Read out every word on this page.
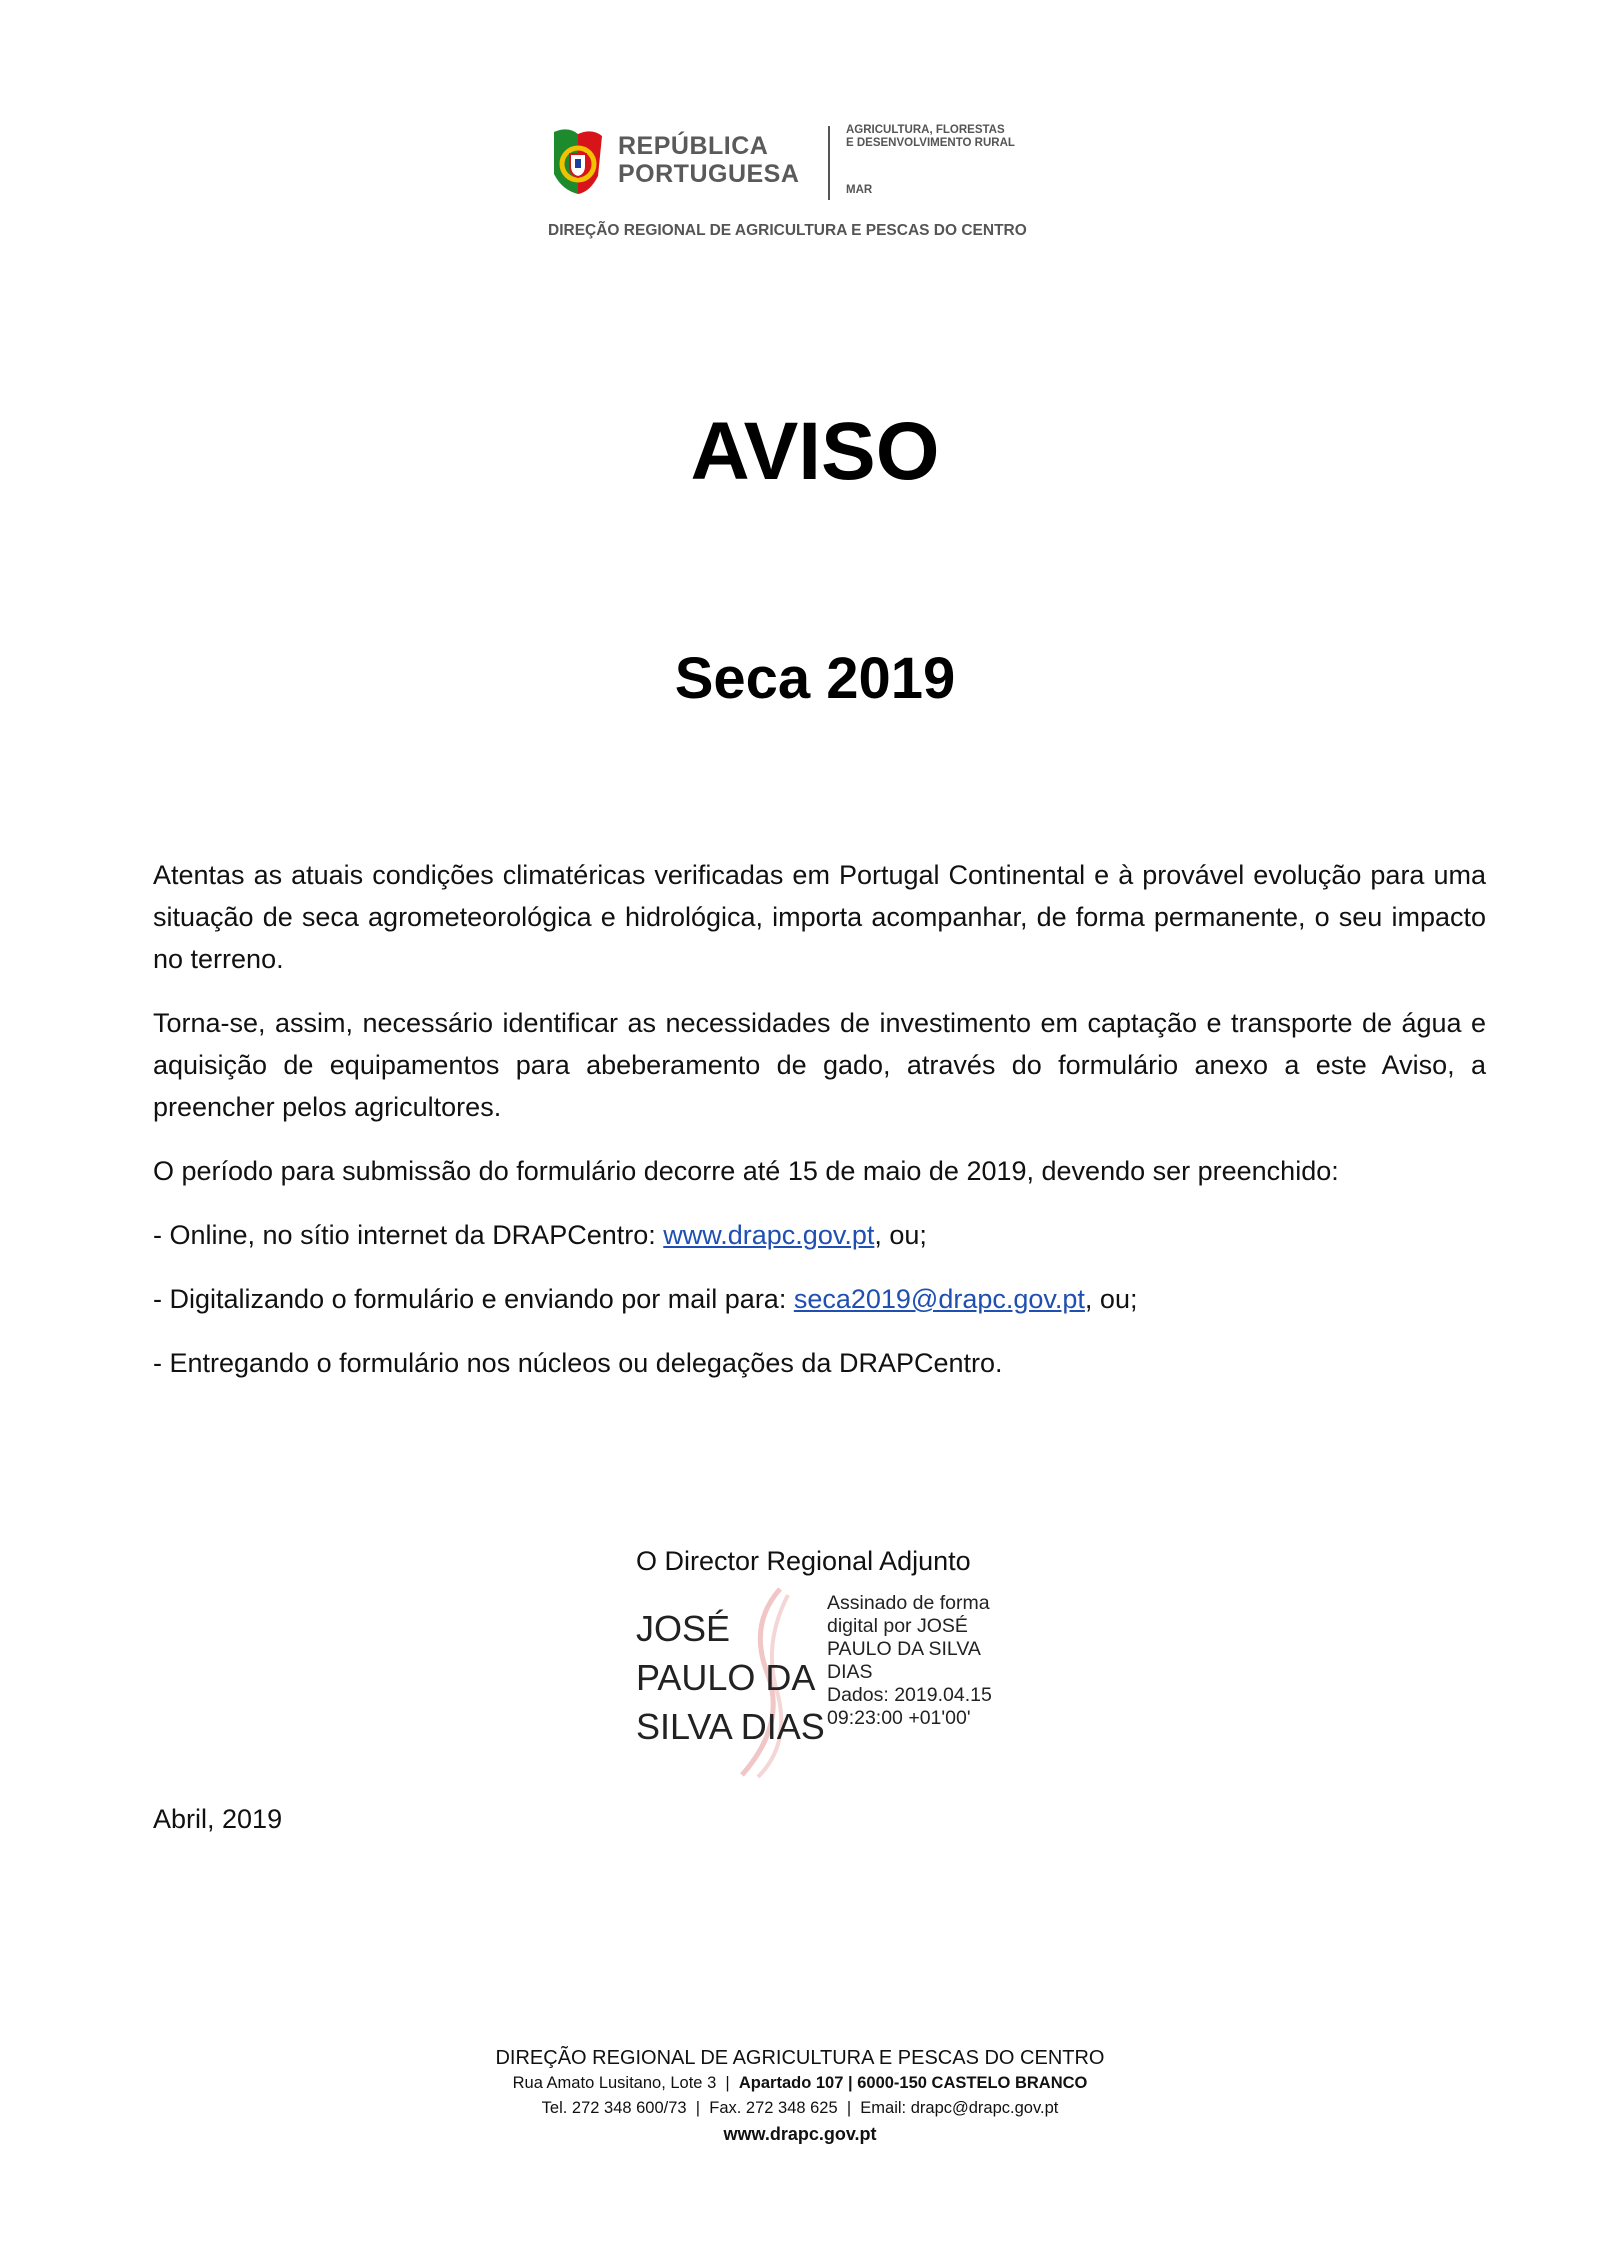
REPÚBLICA
PORTUGUESA
AGRICULTURA, FLORESTAS
E DESENVOLVIMENTO RURAL
MAR
DIREÇÃO REGIONAL DE AGRICULTURA E PESCAS DO CENTRO
AVISO
Seca 2019

Atentas as atuais condições climatéricas verificadas em Portugal Continental e à provável evolução para uma situação de seca agrometeorológica e hidrológica, importa acompanhar, de forma permanente, o seu impacto no terreno.

Torna-se, assim, necessário identificar as necessidades de investimento em captação e transporte de água e aquisição de equipamentos para abeberamento de gado, através do formulário anexo a este Aviso, a preencher pelos agricultores.

O período para submissão do formulário decorre até 15 de maio de 2019, devendo ser preenchido:

- Online, no sítio internet da DRAPCentro: www.drapc.gov.pt, ou;

- Digitalizando o formulário e enviando por mail para: seca2019@drapc.gov.pt, ou;

- Entregando o formulário nos núcleos ou delegações da DRAPCentro.

O Director Regional Adjunto
JOSÉ
PAULO DA
SILVA DIAS
Assinado de forma
digital por JOSÉ
PAULO DA SILVA
DIAS
Dados: 2019.04.15
09:23:00 +01'00'
Abril, 2019
DIREÇÃO REGIONAL DE AGRICULTURA E PESCAS DO CENTRO
Rua Amato Lusitano, Lote 3  |  Apartado 107 | 6000-150 CASTELO BRANCO
Tel. 272 348 600/73  |  Fax. 272 348 625  |  Email: drapc@drapc.gov.pt
www.drapc.gov.pt
